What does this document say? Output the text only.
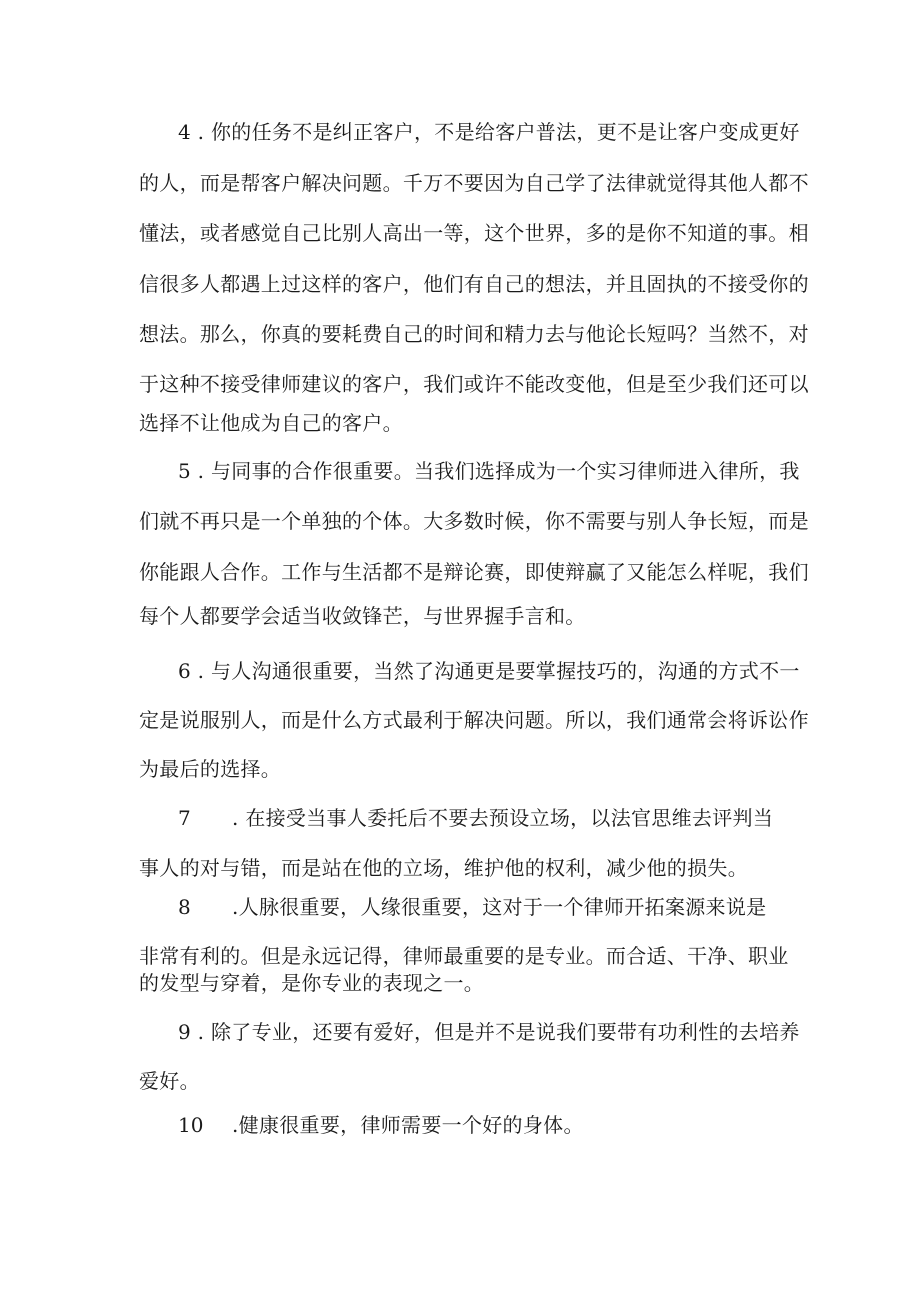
4 . 你的任务不是纠正客户，不是给客户普法，更不是让客户变成更好

的人，而是帮客户解决问题。千万不要因为自己学了法律就觉得其他人都不

懂法，或者感觉自己比别人高出一等，这个世界，多的是你不知道的事。相

信很多人都遇上过这样的客户，他们有自己的想法，并且固执的不接受你的

想法。那么，你真的要耗费自己的时间和精力去与他论长短吗？当然不，对

于这种不接受律师建议的客户，我们或许不能改变他，但是至少我们还可以

选择不让他成为自己的客户。

5 . 与同事的合作很重要。当我们选择成为一个实习律师进入律所，我

们就不再只是一个单独的个体。大多数时候，你不需要与别人争长短，而是

你能跟人合作。工作与生活都不是辩论赛，即使辩赢了又能怎么样呢，我们

每个人都要学会适当收敛锋芒，与世界握手言和。

6 . 与人沟通很重要，当然了沟通更是要掌握技巧的，沟通的方式不一

定是说服别人，而是什么方式最利于解决问题。所以，我们通常会将诉讼作

为最后的选择。

7 . 在接受当事人委托后不要去预设立场，以法官思维去评判当

事人的对与错，而是站在他的立场，维护他的权利，减少他的损失。

8 .人脉很重要，人缘很重要，这对于一个律师开拓案源来说是

非常有利的。但是永远记得，律师最重要的是专业。而合适、干净、职业

的发型与穿着，是你专业的表现之一。

9 . 除了专业，还要有爱好，但是并不是说我们要带有功利性的去培养

爱好。

10 .健康很重要，律师需要一个好的身体。
